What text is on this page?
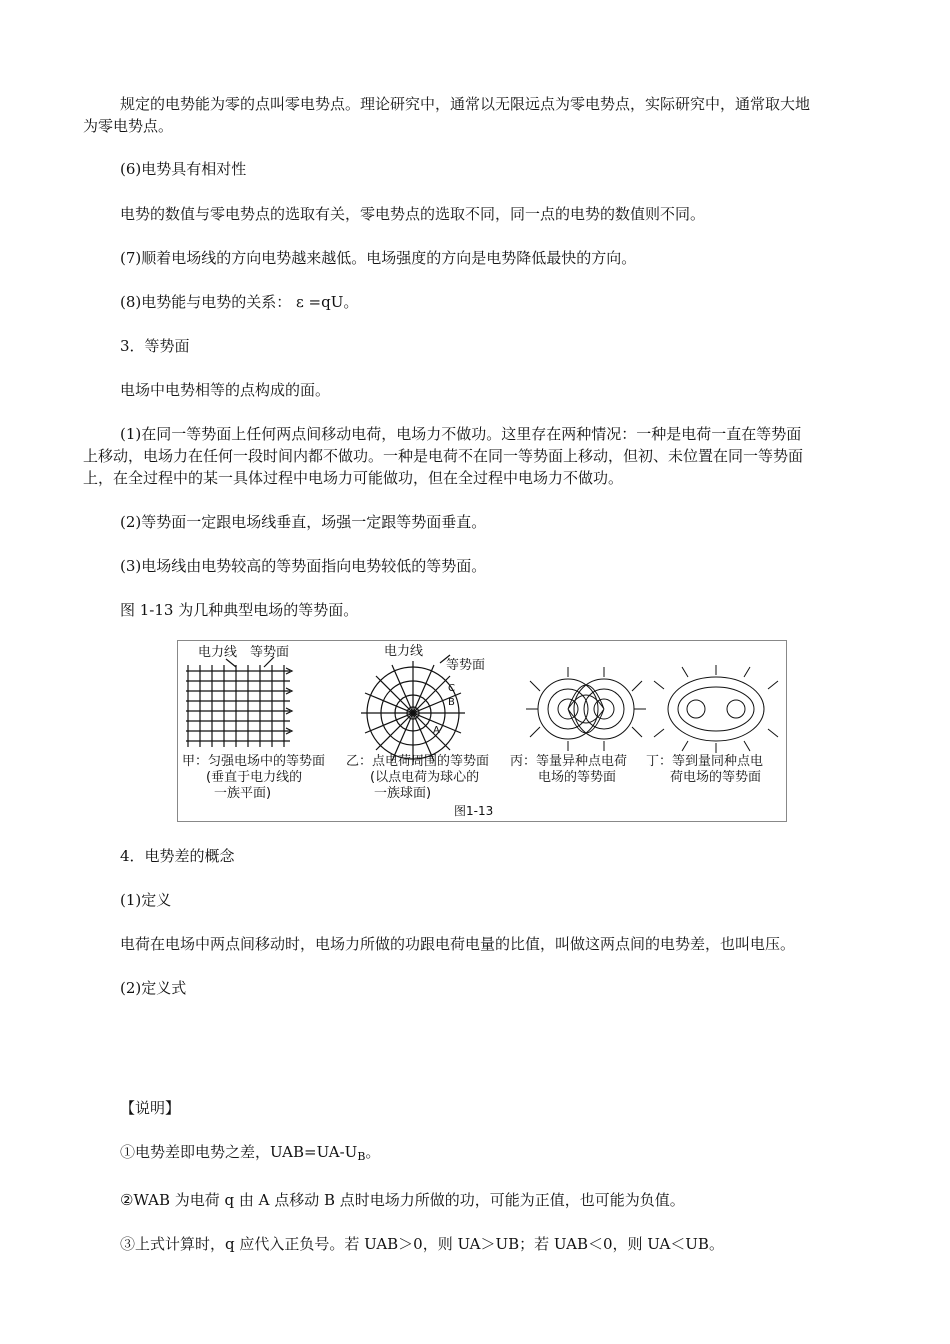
规定的电势能为零的点叫零电势点。理论研究中，通常以无限远点为零电势点，实际研究中，通常取大地
为零电势点。
(6)电势具有相对性
电势的数值与零电势点的选取有关，零电势点的选取不同，同一点的电势的数值则不同。
(7)顺着电场线的方向电势越来越低。电场强度的方向是电势降低最快的方向。
(8)电势能与电势的关系： ε =qU。
3．等势面
电场中电势相等的点构成的面。
(1)在同一等势面上任何两点间移动电荷，电场力不做功。这里存在两种情况：一种是电荷一直在等势面
上移动，电场力在任何一段时间内都不做功。一种是电荷不在同一等势面上移动，但初、未位置在同一等势面
上，在全过程中的某一具体过程中电场力可能做功，但在全过程中电场力不做功。
(2)等势面一定跟电场线垂直，场强一定跟等势面垂直。
(3)电场线由电势较高的等势面指向电势较低的等势面。
图 1-13 为几种典型电场的等势面。
电力线 等势面	电力线
等势面
C
B
A
甲：匀强电场中的等势面
(垂直于电力线的
一族平面)
乙：点电荷周围的等势面
(以点电荷为球心的
一族球面)
丙：等量异种点电荷
电场的等势面
丁：等到量同种点电
荷电场的等势面
图1-13
4．电势差的概念
(1)定义
电荷在电场中两点间移动时，电场力所做的功跟电荷电量的比值，叫做这两点间的电势差，也叫电压。
(2)定义式
【说明】
①电势差即电势之差，$UAB=UA-U_B$。
②WAB 为电荷 q 由 A 点移动 B 点时电场力所做的功，可能为正值，也可能为负值。
③上式计算时，q 应代入正负号。若 UAB＞0，则 UA＞UB；若 UAB＜0，则 UA＜UB。
